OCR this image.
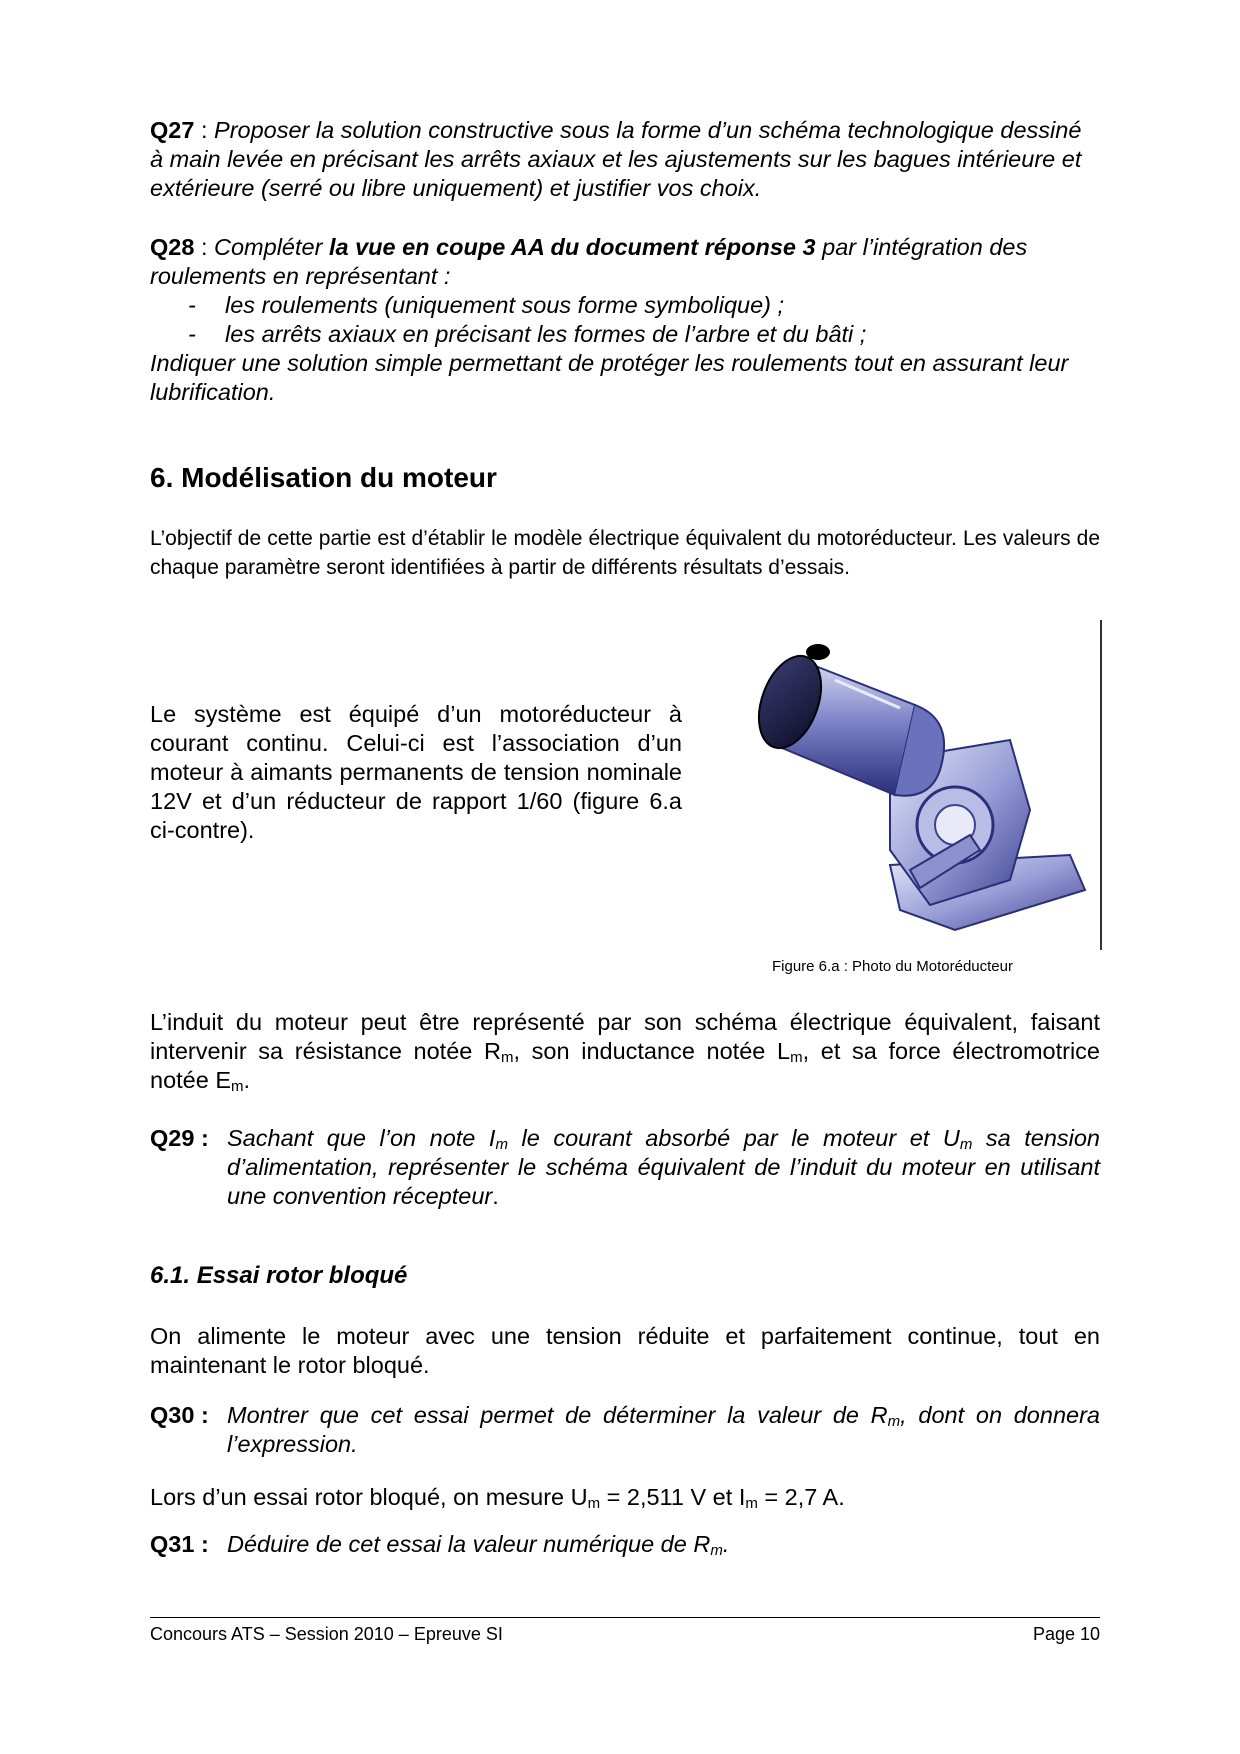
Q27 : Proposer la solution constructive sous la forme d’un schéma technologique dessiné à main levée en précisant les arrêts axiaux et les ajustements sur les bagues intérieure et extérieure (serré ou libre uniquement) et justifier vos choix.
Q28 : Compléter la vue en coupe AA du document réponse 3 par l’intégration des roulements en représentant :
- les roulements (uniquement sous forme symbolique) ;
- les arrêts axiaux en précisant les formes de l’arbre et du bâti ;
Indiquer une solution simple permettant de protéger les roulements tout en assurant leur lubrification.
6. Modélisation du moteur
L’objectif de cette partie est d’établir le modèle électrique équivalent du motoréducteur. Les valeurs de chaque paramètre seront identifiées à partir de différents résultats d’essais.
Le système est équipé d’un motoréducteur à courant continu. Celui-ci est l’association d’un moteur à aimants permanents de tension nominale 12V et d’un réducteur de rapport 1/60 (figure 6.a ci-contre).
Figure 6.a : Photo du Motoréducteur
L’induit du moteur peut être représenté par son schéma électrique équivalent, faisant intervenir sa résistance notée $R_m$, son inductance notée $L_m$, et sa force électromotrice notée $E_m$.
Q29 : Sachant que l’on note $I_m$ le courant absorbé par le moteur et $U_m$ sa tension d’alimentation, représenter le schéma équivalent de l’induit du moteur en utilisant une convention récepteur.
6.1. Essai rotor bloqué
On alimente le moteur avec une tension réduite et parfaitement continue, tout en maintenant le rotor bloqué.
Q30 : Montrer que cet essai permet de déterminer la valeur de $R_m$, dont on donnera l’expression.
Lors d’un essai rotor bloqué, on mesure $U_m = 2,511$ V et $I_m = 2,7$ A.
Q31 : Déduire de cet essai la valeur numérique de $R_m$.
Concours ATS – Session 2010 – Epreuve SI	Page 10
